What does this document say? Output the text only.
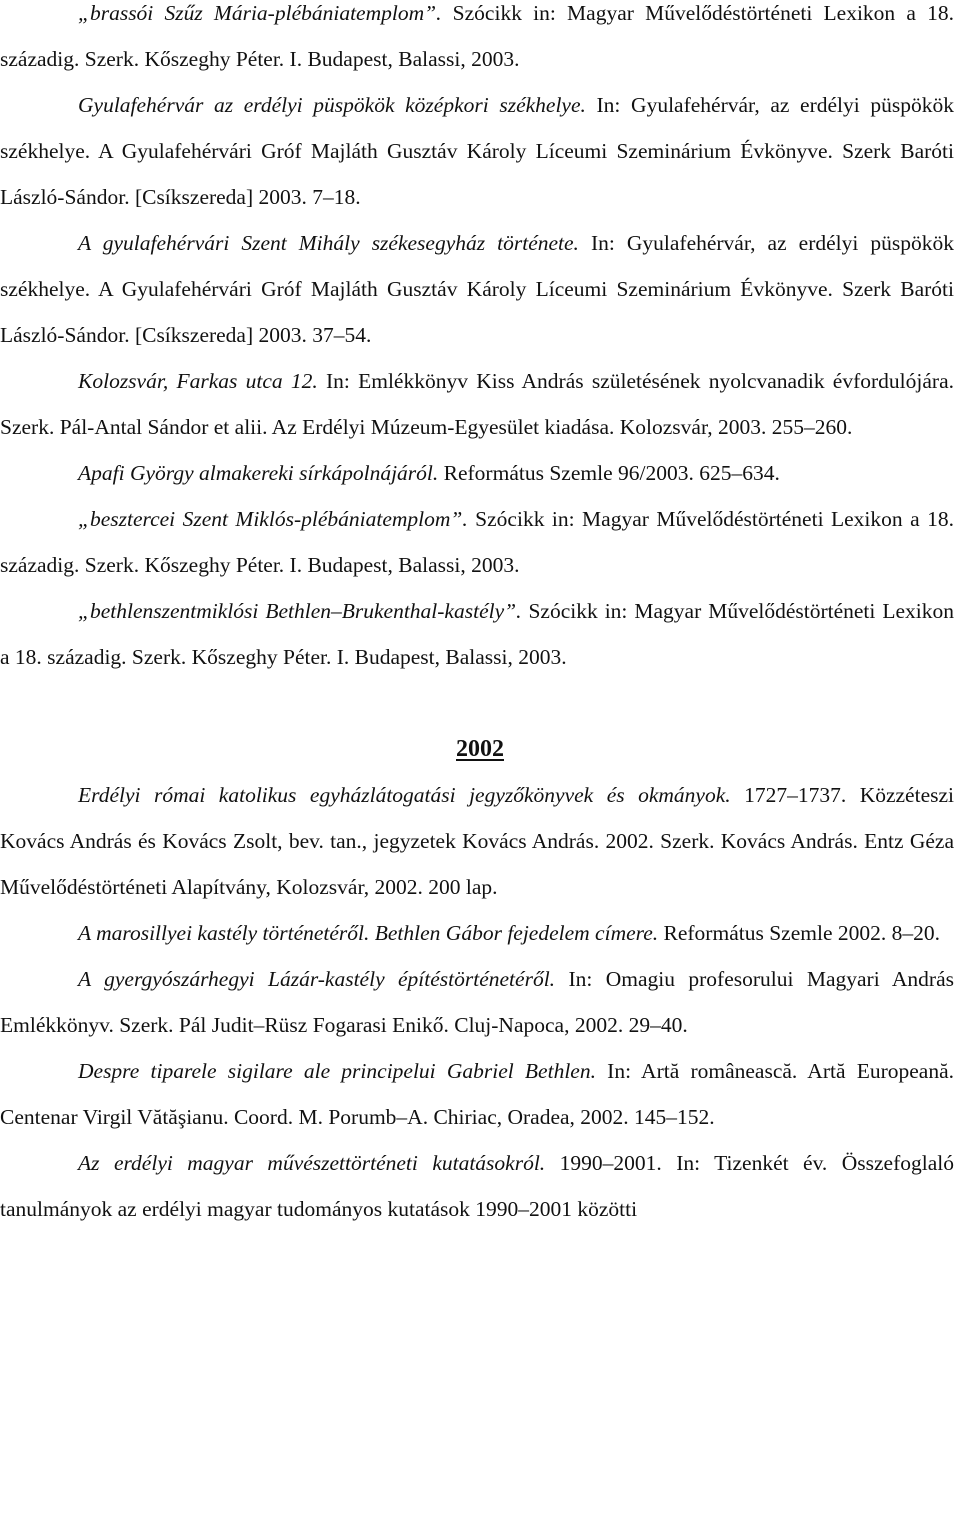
„brassói Szűz Mária-plébániatemplom”. Szócikk in: Magyar Művelődéstörténeti Lexikon a 18. századig. Szerk. Kőszeghy Péter. I. Budapest, Balassi, 2003.

Gyulafehérvár az erdélyi püspökök középkori székhelye. In: Gyulafehérvár, az erdélyi püspökök székhelye. A Gyulafehérvári Gróf Majláth Gusztáv Károly Líceumi Szeminárium Évkönyve. Szerk Baróti László-Sándor. [Csíkszereda] 2003. 7–18.

A gyulafehérvári Szent Mihály székesegyház története. In: Gyulafehérvár, az erdélyi püspökök székhelye. A Gyulafehérvári Gróf Majláth Gusztáv Károly Líceumi Szeminárium Évkönyve. Szerk Baróti László-Sándor. [Csíkszereda] 2003. 37–54.

Kolozsvár, Farkas utca 12. In: Emlékkönyv Kiss András születésének nyolcvanadik évfordulójára. Szerk. Pál-Antal Sándor et alii. Az Erdélyi Múzeum-Egyesület kiadása. Kolozsvár, 2003. 255–260.

Apafi György almakereki sírkápolnájáról. Református Szemle 96/2003. 625–634.

„besztercei Szent Miklós-plébániatemplom”. Szócikk in: Magyar Művelődéstörténeti Lexikon a 18. századig. Szerk. Kőszeghy Péter. I. Budapest, Balassi, 2003.

„bethlenszentmiklósi Bethlen–Brukenthal-kastély”. Szócikk in: Magyar Művelődéstörténeti Lexikon a 18. századig. Szerk. Kőszeghy Péter. I. Budapest, Balassi, 2003.

2002

Erdélyi római katolikus egyházlátogatási jegyzőkönyvek és okmányok. 1727–1737. Közzéteszi Kovács András és Kovács Zsolt, bev. tan., jegyzetek Kovács András. 2002. Szerk. Kovács András. Entz Géza Művelődéstörténeti Alapítvány, Kolozsvár, 2002. 200 lap.

A marosillyei kastély történetéről. Bethlen Gábor fejedelem címere. Református Szemle 2002. 8–20.

A gyergyószárhegyi Lázár-kastély építéstörténetéről. In: Omagiu profesorului Magyari András Emlékkönyv. Szerk. Pál Judit–Rüsz Fogarasi Enikő. Cluj-Napoca, 2002. 29–40.

Despre tiparele sigilare ale principelui Gabriel Bethlen. In: Artă românească. Artă Europeană. Centenar Virgil Vătăşianu. Coord. M. Porumb–A. Chiriac, Oradea, 2002. 145–152.

Az erdélyi magyar művészettörténeti kutatásokról. 1990–2001. In: Tizenkét év. Összefoglaló tanulmányok az erdélyi magyar tudományos kutatások 1990–2001 közötti
